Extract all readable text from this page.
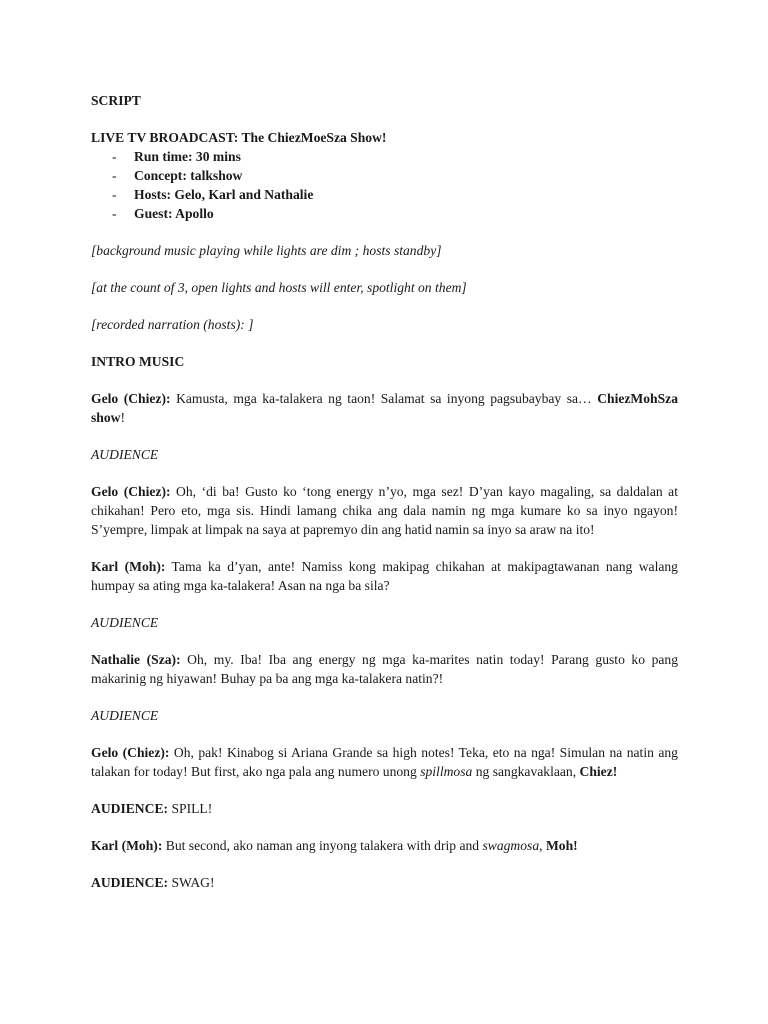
SCRIPT
LIVE TV BROADCAST: The ChiezMoeSza Show!
-	Run time: 30 mins
-	Concept: talkshow
-	Hosts: Gelo, Karl and Nathalie
-	Guest: Apollo
[background music playing while lights are dim ; hosts standby]
[at the count of 3, open lights and hosts will enter, spotlight on them]
[recorded narration (hosts): ]
INTRO MUSIC
Gelo (Chiez): Kamusta, mga ka-talakera ng taon! Salamat sa inyong pagsubaybay sa… ChiezMohSza show!
AUDIENCE
Gelo (Chiez): Oh, ‘di ba! Gusto ko ‘tong energy n’yo, mga sez! D’yan kayo magaling, sa daldalan at chikahan! Pero eto, mga sis. Hindi lamang chika ang dala namin ng mga kumare ko sa inyo ngayon! S’yempre, limpak at limpak na saya at papremyo din ang hatid namin sa inyo sa araw na ito!
Karl (Moh): Tama ka d’yan, ante! Namiss kong makipag chikahan at makipagtawanan nang walang humpay sa ating mga ka-talakera! Asan na nga ba sila?
AUDIENCE
Nathalie (Sza): Oh, my. Iba! Iba ang energy ng mga ka-marites natin today! Parang gusto ko pang makarinig ng hiyawan! Buhay pa ba ang mga ka-talakera natin?!
AUDIENCE
Gelo (Chiez): Oh, pak! Kinabog si Ariana Grande sa high notes! Teka, eto na nga! Simulan na natin ang talakan for today! But first, ako nga pala ang numero unong spillmosa ng sangkavaklaan, Chiez!
AUDIENCE: SPILL!
Karl (Moh): But second, ako naman ang inyong talakera with drip and swagmosa, Moh!
AUDIENCE: SWAG!
